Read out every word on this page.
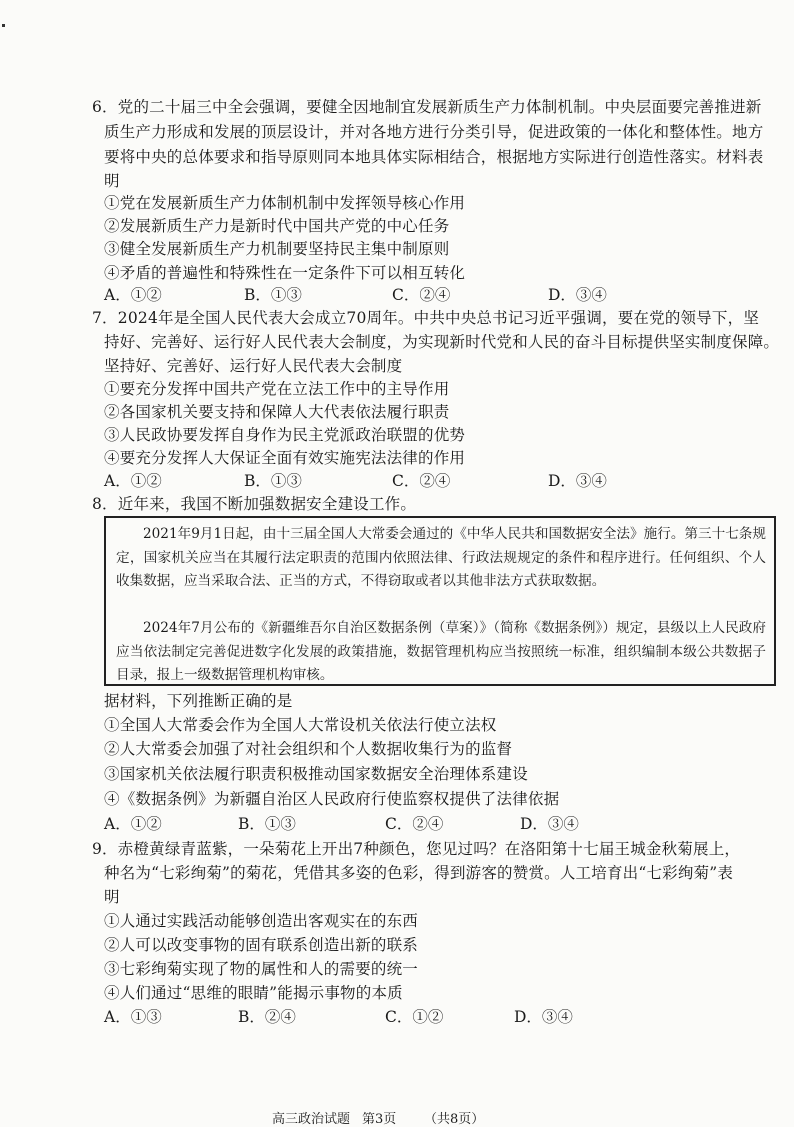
6．党的二十届三中全会强调，要健全因地制宜发展新质生产力体制机制。中央层面要完善推进新
质生产力形成和发展的顶层设计，并对各地方进行分类引导，促进政策的一体化和整体性。地方
要将中央的总体要求和指导原则同本地具体实际相结合，根据地方实际进行创造性落实。材料表
明
①党在发展新质生产力体制机制中发挥领导核心作用
②发展新质生产力是新时代中国共产党的中心任务
③健全发展新质生产力机制要坚持民主集中制原则
④矛盾的普遍性和特殊性在一定条件下可以相互转化
A．①②	B．①③	C．②④	D．③④
7．2024年是全国人民代表大会成立70周年。中共中央总书记习近平强调，要在党的领导下，坚
持好、完善好、运行好人民代表大会制度，为实现新时代党和人民的奋斗目标提供坚实制度保障。
坚持好、完善好、运行好人民代表大会制度
①要充分发挥中国共产党在立法工作中的主导作用
②各国家机关要支持和保障人大代表依法履行职责
③人民政协要发挥自身作为民主党派政治联盟的优势
④要充分发挥人大保证全面有效实施宪法法律的作用
A．①②	B．①③	C．②④	D．③④
8．近年来，我国不断加强数据安全建设工作。
2021年9月1日起，由十三届全国人大常委会通过的《中华人民共和国数据安全法》施行。第三十七条规定，国家机关应当在其履行法定职责的范围内依照法律、行政法规规定的条件和程序进行。任何组织、个人收集数据，应当采取合法、正当的方式，不得窃取或者以其他非法方式获取数据。
2024年7月公布的《新疆维吾尔自治区数据条例（草案）》（简称《数据条例》）规定，县级以上人民政府应当依法制定完善促进数字化发展的政策措施，数据管理机构应当按照统一标准，组织编制本级公共数据子目录，报上一级数据管理机构审核。
据材料，下列推断正确的是
①全国人大常委会作为全国人大常设机关依法行使立法权
②人大常委会加强了对社会组织和个人数据收集行为的监督
③国家机关依法履行职责积极推动国家数据安全治理体系建设
④《数据条例》为新疆自治区人民政府行使监察权提供了法律依据
A．①②	B．①③	C．②④	D．③④
9．赤橙黄绿青蓝紫，一朵菊花上开出7种颜色，您见过吗？在洛阳第十七届王城金秋菊展上，
种名为“七彩绚菊”的菊花，凭借其多姿的色彩，得到游客的赞赏。人工培育出“七彩绚菊”表
明
①人通过实践活动能够创造出客观实在的东西
②人可以改变事物的固有联系创造出新的联系
③七彩绚菊实现了物的属性和人的需要的统一
④人们通过“思维的眼睛”能揭示事物的本质
A．①③	B．②④	C．①②	D．③④
高三政治试题 第3页 （共8页）
